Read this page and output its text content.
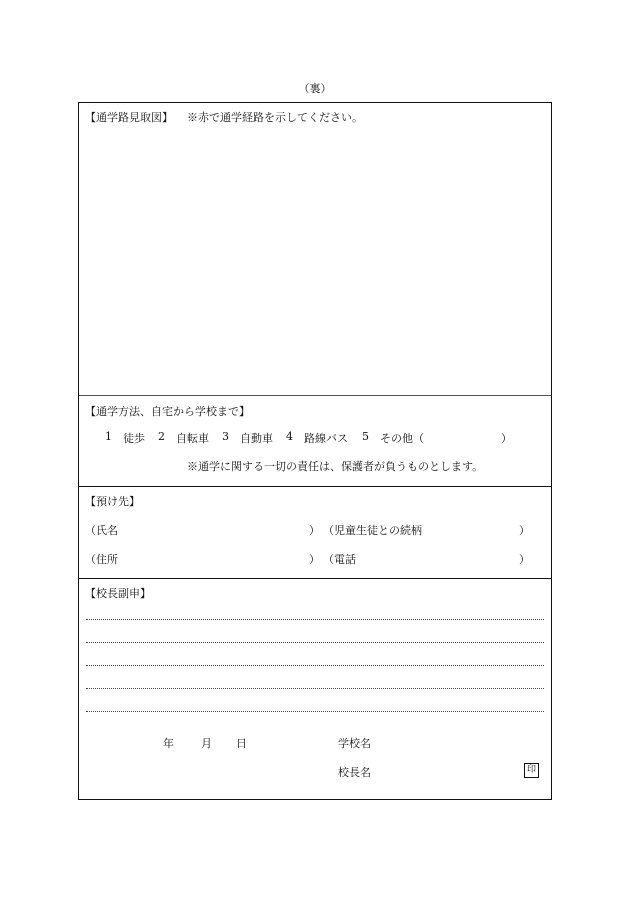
（裏）
【通学路見取図】 ※赤で通学経路を示してください。
【通学方法、自宅から学校まで】
1 徒歩 2 自転車 3 自動車 4 路線バス 5 その他（	）
※通学に関する一切の責任は、保護者が負うものとします。
【預け先】
（氏名	） （児童生徒との続柄	）
（住所	） （電話	）
【校長副申】
年 月 日	学校名
校長名	印
